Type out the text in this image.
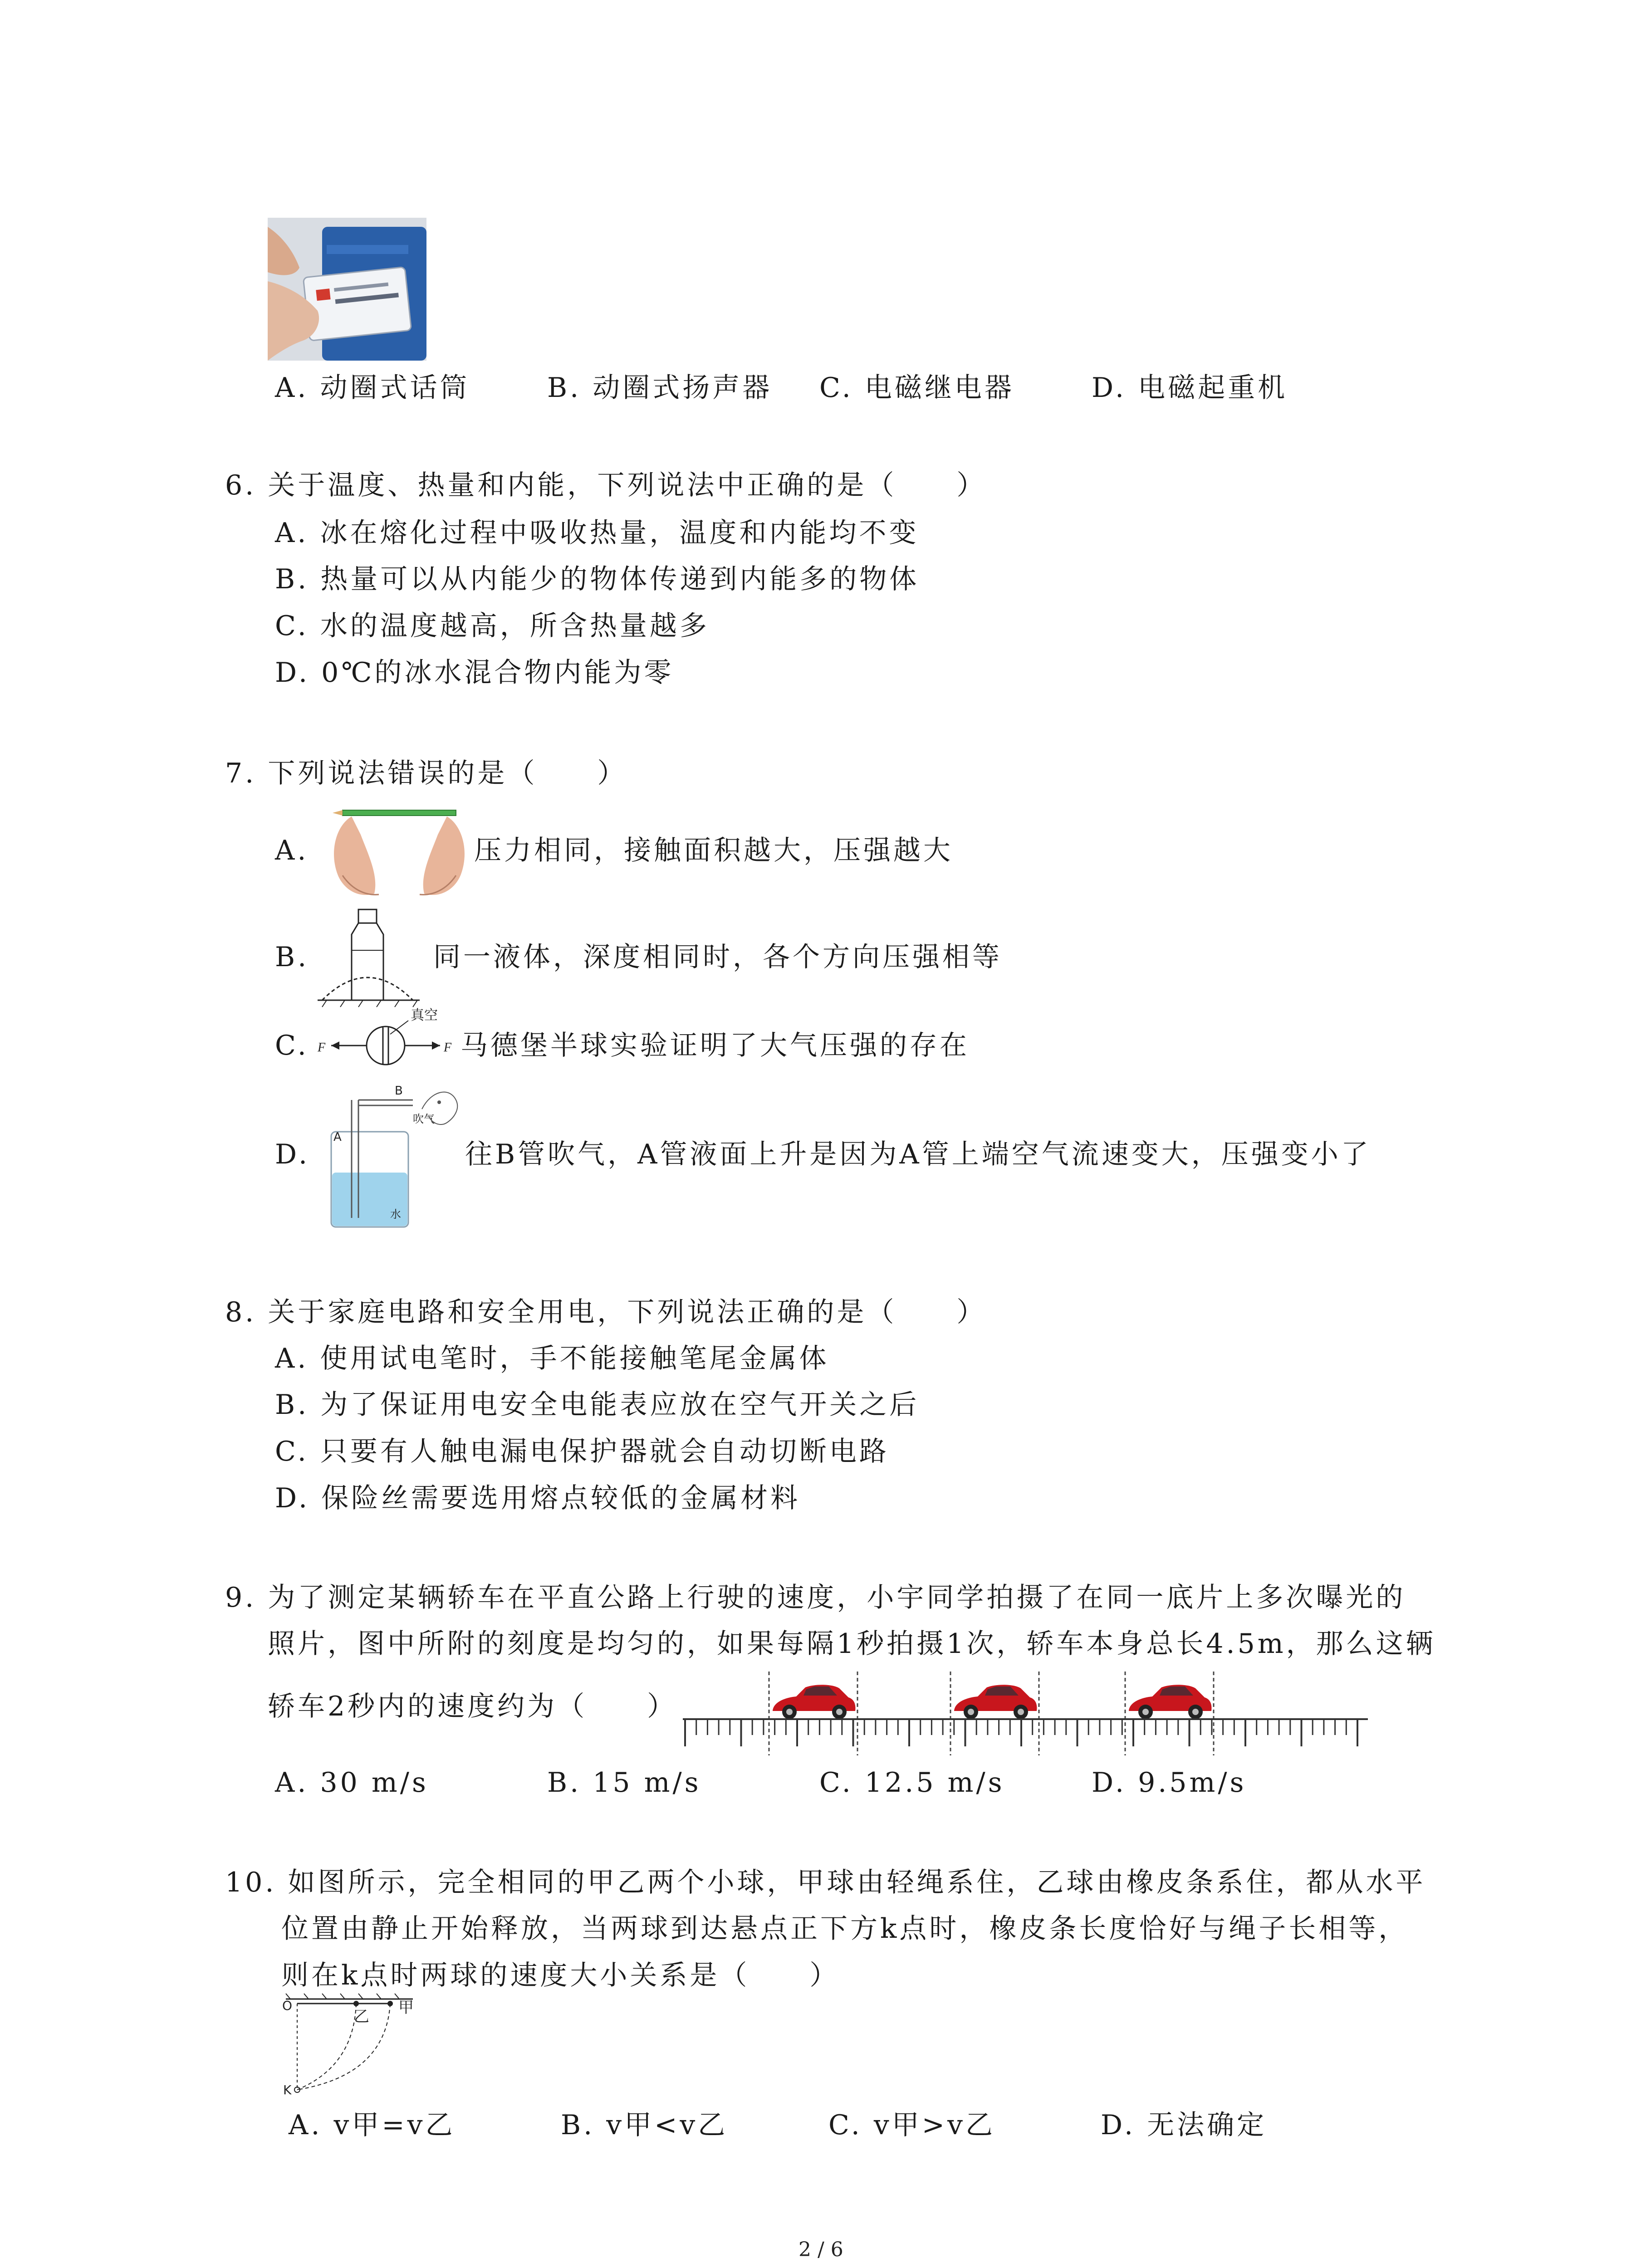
A. 动圈式话筒	B. 动圈式扬声器 C. 电磁继电器	D. 电磁起重机
6. 关于温度、热量和内能，下列说法中正确的是（　　）
A. 冰在熔化过程中吸收热量，温度和内能均不变
B. 热量可以从内能少的物体传递到内能多的物体
C. 水的温度越高，所含热量越多
D. 0℃的冰水混合物内能为零
7. 下列说法错误的是（　　）
A.	压力相同，接触面积越大，压强越大
B.	同一液体，深度相同时，各个方向压强相等
C.
真空
F	F 马德堡半球实验证明了大气压强的存在
D.
A
B
吹气
水
往B管吹气，A管液面上升是因为A管上端空气流速变大，压强变小了
8. 关于家庭电路和安全用电，下列说法正确的是（　　）
A. 使用试电笔时，手不能接触笔尾金属体
B. 为了保证用电安全电能表应放在空气开关之后
C. 只要有人触电漏电保护器就会自动切断电路
D. 保险丝需要选用熔点较低的金属材料
9. 为了测定某辆轿车在平直公路上行驶的速度，小宇同学拍摄了在同一底片上多次曝光的
照片，图中所附的刻度是均匀的，如果每隔1秒拍摄1次，轿车本身总长4.5m，那么这辆
轿车2秒内的速度约为（　　）
A. 30 m/s	B. 15 m/s	C. 12.5 m/s	D. 9.5m/s
10. 如图所示，完全相同的甲乙两个小球，甲球由轻绳系住，乙球由橡皮条系住，都从水平
位置由静止开始释放，当两球到达悬点正下方k点时，橡皮条长度恰好与绳子长相等，
则在k点时两球的速度大小关系是（　　）
O
乙 甲
K
A. v甲=v乙	B. v甲<v乙	C. v甲>v乙	D. 无法确定
2 / 6
